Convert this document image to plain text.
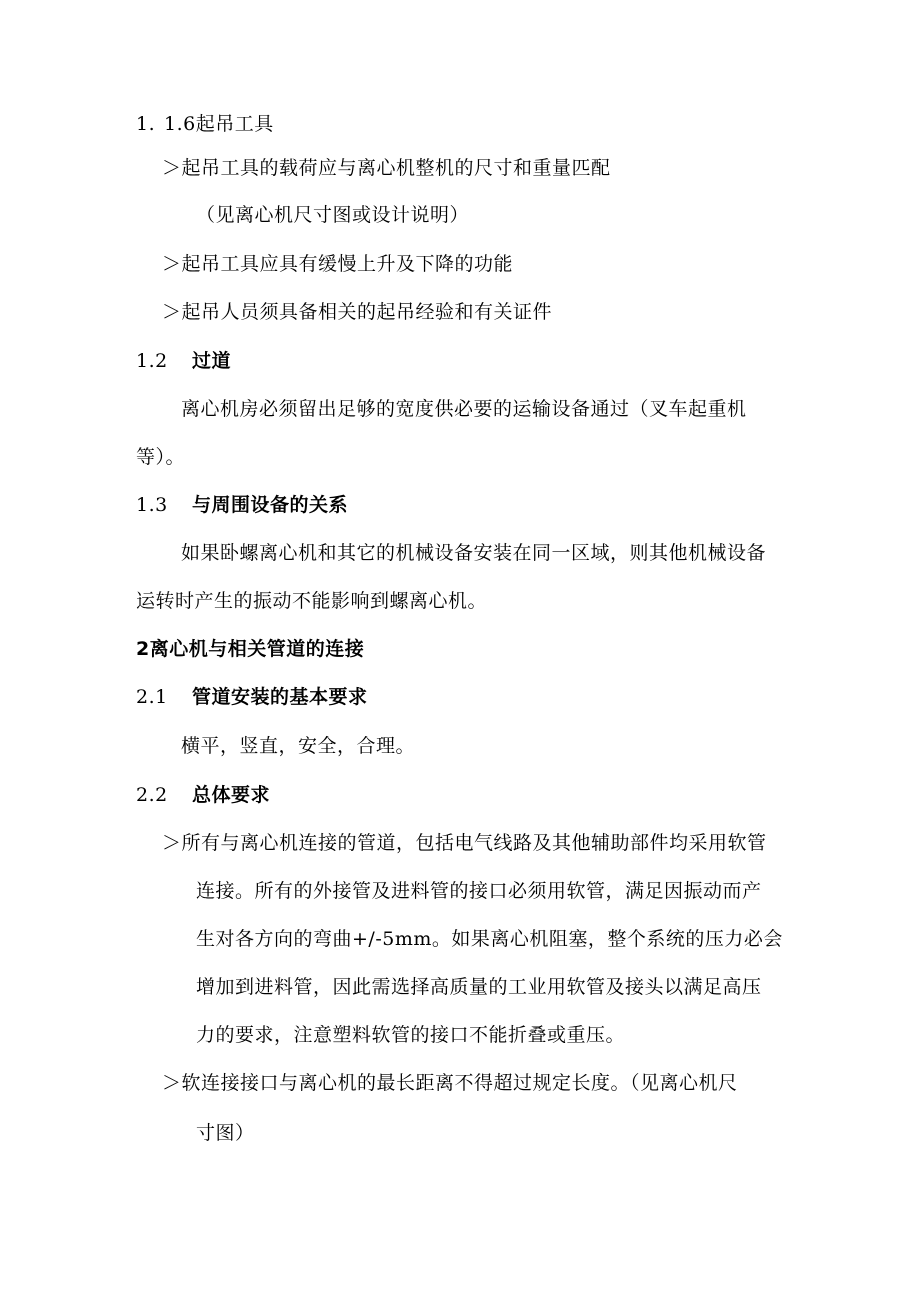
1. 1.6起吊工具
＞起吊工具的载荷应与离心机整机的尺寸和重量匹配
（见离心机尺寸图或设计说明）
＞起吊工具应具有缓慢上升及下降的功能
＞起吊人员须具备相关的起吊经验和有关证件
1.2 过道
离心机房必须留出足够的宽度供必要的运输设备通过（叉车起重机
等）。
1.3 与周围设备的关系
如果卧螺离心机和其它的机械设备安装在同一区域，则其他机械设备
运转时产生的振动不能影响到螺离心机。
2离心机与相关管道的连接
2.1 管道安装的基本要求
横平，竖直，安全，合理。
2.2 总体要求
＞所有与离心机连接的管道，包括电气线路及其他辅助部件均采用软管
连接。所有的外接管及进料管的接口必须用软管，满足因振动而产
生对各方向的弯曲+/-5mm。如果离心机阻塞，整个系统的压力必会
增加到进料管，因此需选择高质量的工业用软管及接头以满足高压
力的要求，注意塑料软管的接口不能折叠或重压。
＞软连接接口与离心机的最长距离不得超过规定长度。（见离心机尺
寸图）
